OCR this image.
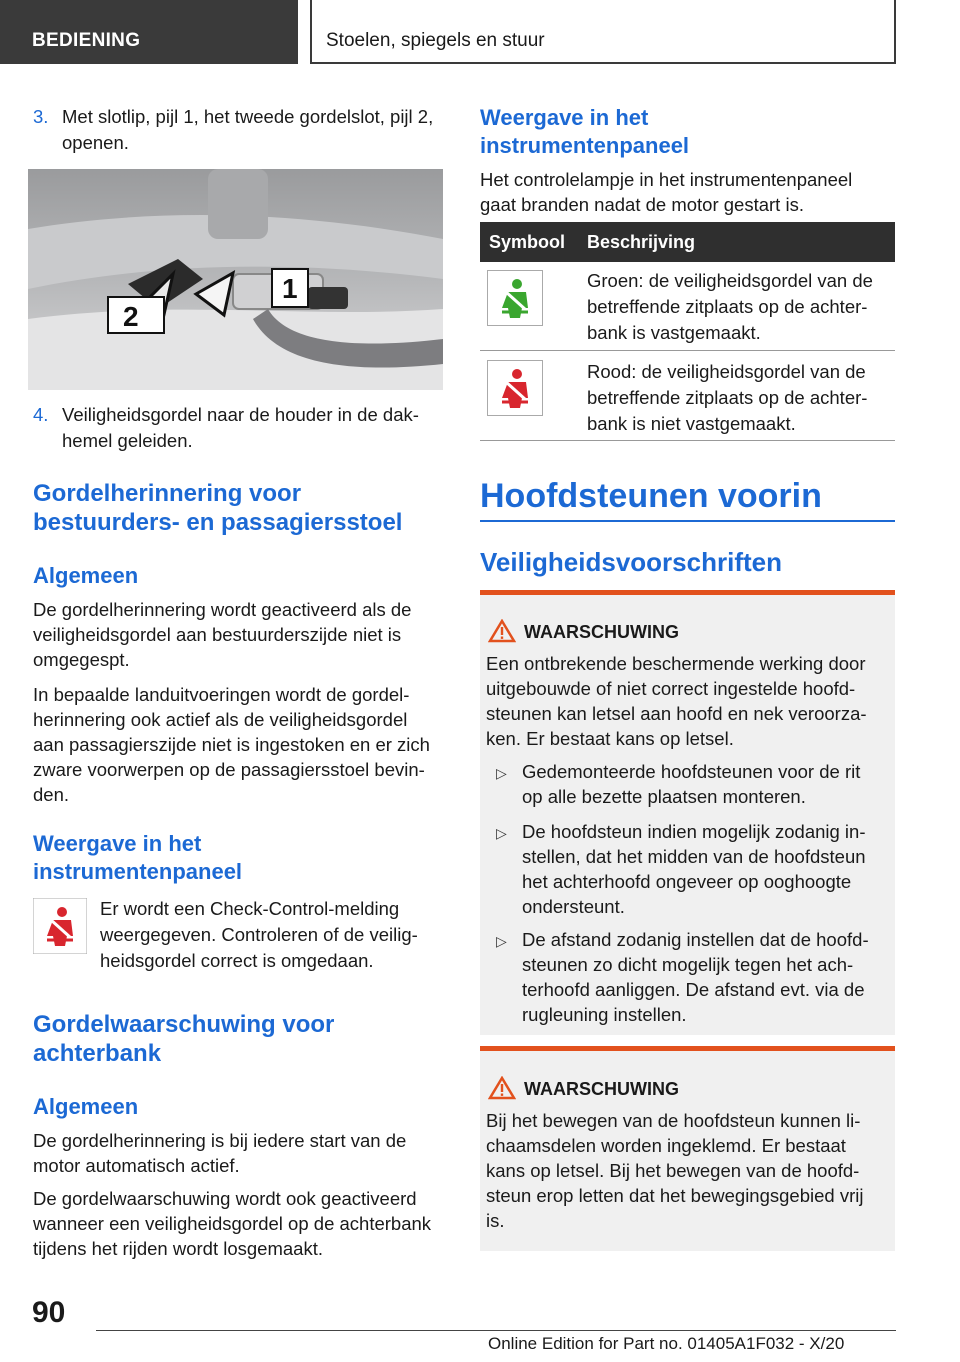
BEDIENING	Stoelen, spiegels en stuur
3. Met slotlip, pijl 1, het tweede gordelslot, pijl 2,

openen.

2
1
4. Veiligheidsgordel naar de houder in de dak-

hemel geleiden.

Gordelherinnering voor
bestuurders- en passagiersstoel
Algemeen

De gordelherinnering wordt geactiveerd als de

veiligheidsgordel aan bestuurderszijde niet is

omgegespt.

In bepaalde landuitvoeringen wordt de gordel-

herinnering ook actief als de veiligheidsgordel

aan passagierszijde niet is ingestoken en er zich

zware voorwerpen op de passagiersstoel bevin-

den.

Weergave in het
instrumentenpaneel

Er wordt een Check-Control-melding

weergegeven. Controleren of de veilig-

heidsgordel correct is omgedaan.

Gordelwaarschuwing voor
achterbank
Algemeen

De gordelherinnering is bij iedere start van de

motor automatisch actief.

De gordelwaarschuwing wordt ook geactiveerd

wanneer een veiligheidsgordel op de achterbank

tijdens het rijden wordt losgemaakt.

Weergave in het
instrumentenpaneel

Het controlelampje in het instrumentenpaneel

gaat branden nadat de motor gestart is.

Symbool Beschrijving

Groen: de veiligheidsgordel van de

betreffende zitplaats op de achter-

bank is vastgemaakt.

Rood: de veiligheidsgordel van de

betreffende zitplaats op de achter-

bank is niet vastgemaakt.

Hoofdsteunen voorin
Veiligheidsvoorschriften
WAARSCHUWING

Een ontbrekende beschermende werking door

uitgebouwde of niet correct ingestelde hoofd-

steunen kan letsel aan hoofd en nek veroorza-

ken. Er bestaat kans op letsel.

▷ Gedemonteerde hoofdsteunen voor de rit

op alle bezette plaatsen monteren.

▷ De hoofdsteun indien mogelijk zodanig in-

stellen, dat het midden van de hoofdsteun

het achterhoofd ongeveer op ooghoogte

ondersteunt.

▷ De afstand zodanig instellen dat de hoofd-

steunen zo dicht mogelijk tegen het ach-

terhoofd aanliggen. De afstand evt. via de

rugleuning instellen.

WAARSCHUWING

Bij het bewegen van de hoofdsteun kunnen li-

chaamsdelen worden ingeklemd. Er bestaat

kans op letsel. Bij het bewegen van de hoofd-

steun erop letten dat het bewegingsgebied vrij

is.

90
Online Edition for Part no. 01405A1F032 - X/20
